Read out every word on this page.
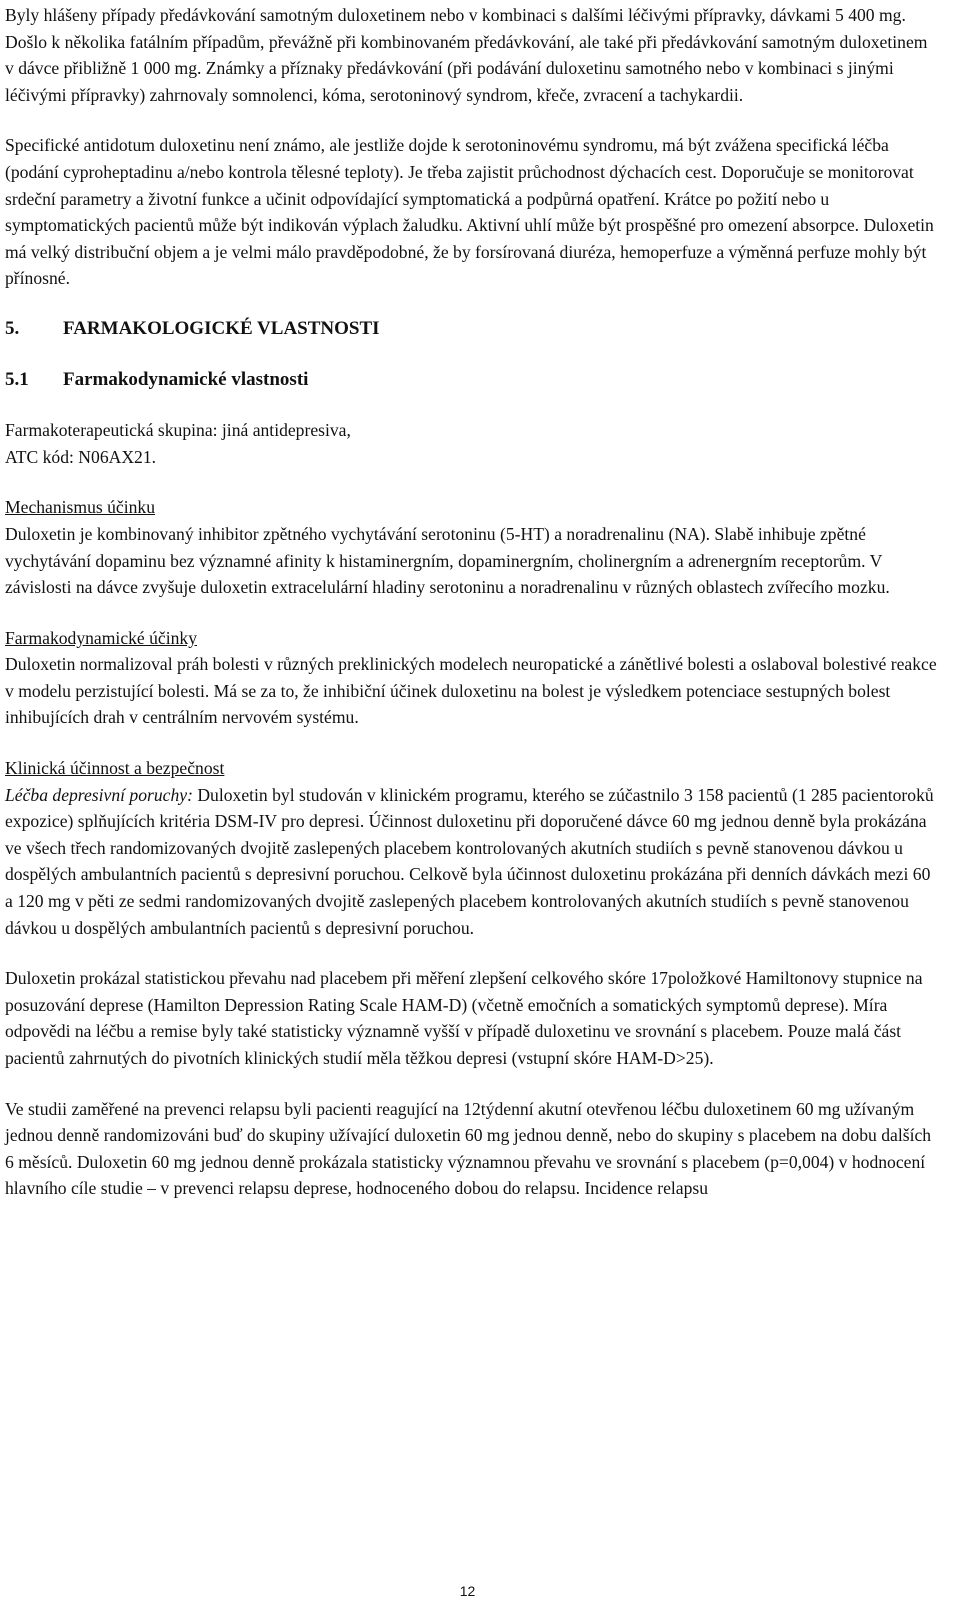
Byly hlášeny případy předávkování samotným duloxetinem nebo v kombinaci s dalšími léčivými přípravky, dávkami 5 400 mg. Došlo k několika fatálním případům, převážně při kombinovaném předávkování, ale také při předávkování samotným duloxetinem v dávce přibližně 1 000 mg. Známky a příznaky předávkování (při podávání duloxetinu samotného nebo v kombinaci s jinými léčivými přípravky) zahrnovaly somnolenci, kóma, serotoninový syndrom, křeče, zvracení a tachykardii.

Specifické antidotum duloxetinu není známo, ale jestliže dojde k serotoninovému syndromu, má být zvážena specifická léčba (podání cyproheptadinu a/nebo kontrola tělesné teploty). Je třeba zajistit průchodnost dýchacích cest. Doporučuje se monitorovat srdeční parametry a životní funkce a učinit odpovídající symptomatická a podpůrná opatření. Krátce po požití nebo u symptomatických pacientů může být indikován výplach žaludku. Aktivní uhlí může být prospěšné pro omezení absorpce. Duloxetin má velký distribuční objem a je velmi málo pravděpodobné, že by forsírovaná diuréza, hemoperfuze a výměnná perfuze mohly být přínosné.

5.	FARMAKOLOGICKÉ VLASTNOSTI
5.1	Farmakodynamické vlastnosti

Farmakoterapeutická skupina: jiná antidepresiva,

ATC kód: N06AX21.

Mechanismus účinku

Duloxetin je kombinovaný inhibitor zpětného vychytávání serotoninu (5-HT) a noradrenalinu (NA). Slabě inhibuje zpětné vychytávání dopaminu bez významné afinity k histaminergním, dopaminergním, cholinergním a adrenergním receptorům. V závislosti na dávce zvyšuje duloxetin extracelulární hladiny serotoninu a noradrenalinu v různých oblastech zvířecího mozku.

Farmakodynamické účinky

Duloxetin normalizoval práh bolesti v různých preklinických modelech neuropatické a zánětlivé bolesti a oslaboval bolestivé reakce v modelu perzistující bolesti. Má se za to, že inhibiční účinek duloxetinu na bolest je výsledkem potenciace sestupných bolest inhibujících drah v centrálním nervovém systému.

Klinická účinnost a bezpečnost

Léčba depresivní poruchy: Duloxetin byl studován v klinickém programu, kterého se zúčastnilo 3 158 pacientů (1 285 pacientoroků expozice) splňujících kritéria DSM-IV pro depresi. Účinnost duloxetinu při doporučené dávce 60 mg jednou denně byla prokázána ve všech třech randomizovaných dvojitě zaslepených placebem kontrolovaných akutních studiích s pevně stanovenou dávkou u dospělých ambulantních pacientů s depresivní poruchou. Celkově byla účinnost duloxetinu prokázána při denních dávkách mezi 60 a 120 mg v pěti ze sedmi randomizovaných dvojitě zaslepených placebem kontrolovaných akutních studiích s pevně stanovenou dávkou u dospělých ambulantních pacientů s depresivní poruchou.

Duloxetin prokázal statistickou převahu nad placebem při měření zlepšení celkového skóre 17položkové Hamiltonovy stupnice na posuzování deprese (Hamilton Depression Rating Scale HAM-D) (včetně emočních a somatických symptomů deprese). Míra odpovědi na léčbu a remise byly také statisticky významně vyšší v případě duloxetinu ve srovnání s placebem. Pouze malá část pacientů zahrnutých do pivotních klinických studií měla těžkou depresi (vstupní skóre HAM-D>25).

Ve studii zaměřené na prevenci relapsu byli pacienti reagující na 12týdenní akutní otevřenou léčbu duloxetinem 60 mg užívaným jednou denně randomizováni buď do skupiny užívající duloxetin 60 mg jednou denně, nebo do skupiny s placebem na dobu dalších 6 měsíců. Duloxetin 60 mg jednou denně prokázala statisticky významnou převahu ve srovnání s placebem (p=0,004) v hodnocení hlavního cíle studie – v prevenci relapsu deprese, hodnoceného dobou do relapsu. Incidence relapsu

12
